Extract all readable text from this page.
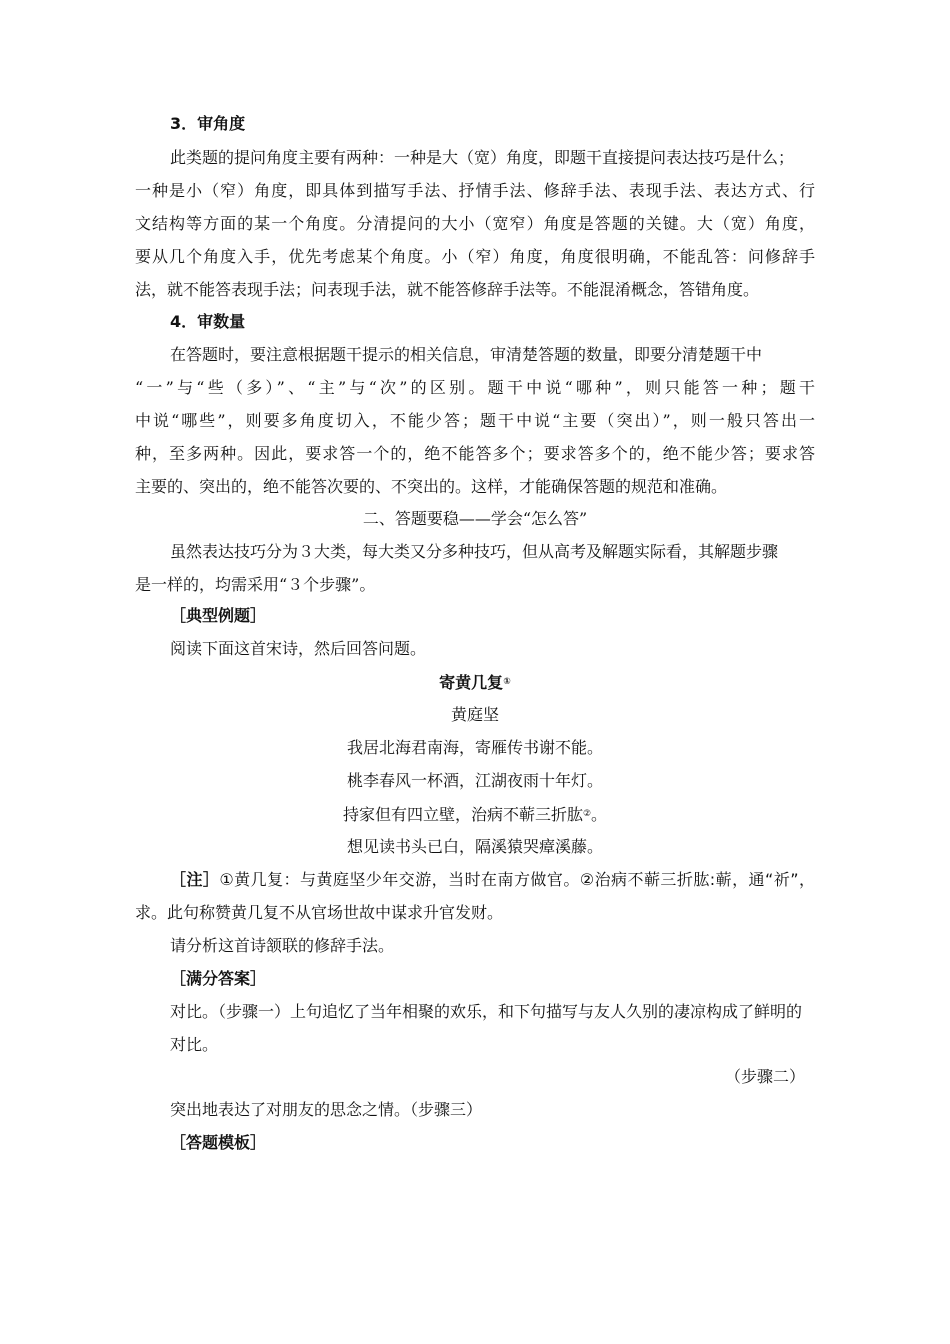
3．审角度
此类题的提问角度主要有两种：一种是大（宽）角度，即题干直接提问表达技巧是什么；
一种是小（窄）角度，即具体到描写手法、抒情手法、修辞手法、表现手法、表达方式、行
文结构等方面的某一个角度。分清提问的大小（宽窄）角度是答题的关键。大（宽）角度，
要从几个角度入手，优先考虑某个角度。小（窄）角度，角度很明确，不能乱答：问修辞手
法，就不能答表现手法；问表现手法，就不能答修辞手法等。不能混淆概念，答错角度。
4．审数量
在答题时，要注意根据题干提示的相关信息，审清楚答题的数量，即要分清楚题干中
“一”与“些（多）”、“主”与“次”的区别。题干中说“哪种”，则只能答一种；题干
中说“哪些”，则要多角度切入，不能少答；题干中说“主要（突出）”，则一般只答出一
种，至多两种。因此，要求答一个的，绝不能答多个；要求答多个的，绝不能少答；要求答
主要的、突出的，绝不能答次要的、不突出的。这样，才能确保答题的规范和准确。
二、答题要稳——学会“怎么答”
虽然表达技巧分为３大类，每大类又分多种技巧，但从高考及解题实际看，其解题步骤
是一样的，均需采用“３个步骤”。
［典型例题］
阅读下面这首宋诗，然后回答问题。
寄黄几复①
黄庭坚
我居北海君南海，寄雁传书谢不能。
桃李春风一杯酒，江湖夜雨十年灯。
持家但有四立壁，治病不蕲三折肱②。
想见读书头已白，隔溪猿哭瘴溪藤。
［注］①黄几复：与黄庭坚少年交游，当时在南方做官。②治病不蕲三折肱:蕲，通“祈”，
求。此句称赞黄几复不从官场世故中谋求升官发财。
请分析这首诗颔联的修辞手法。
［满分答案］
对比。（步骤一）上句追忆了当年相聚的欢乐，和下句描写与友人久别的凄凉构成了鲜明的
对比。
（步骤二）
突出地表达了对朋友的思念之情。（步骤三）
［答题模板］
